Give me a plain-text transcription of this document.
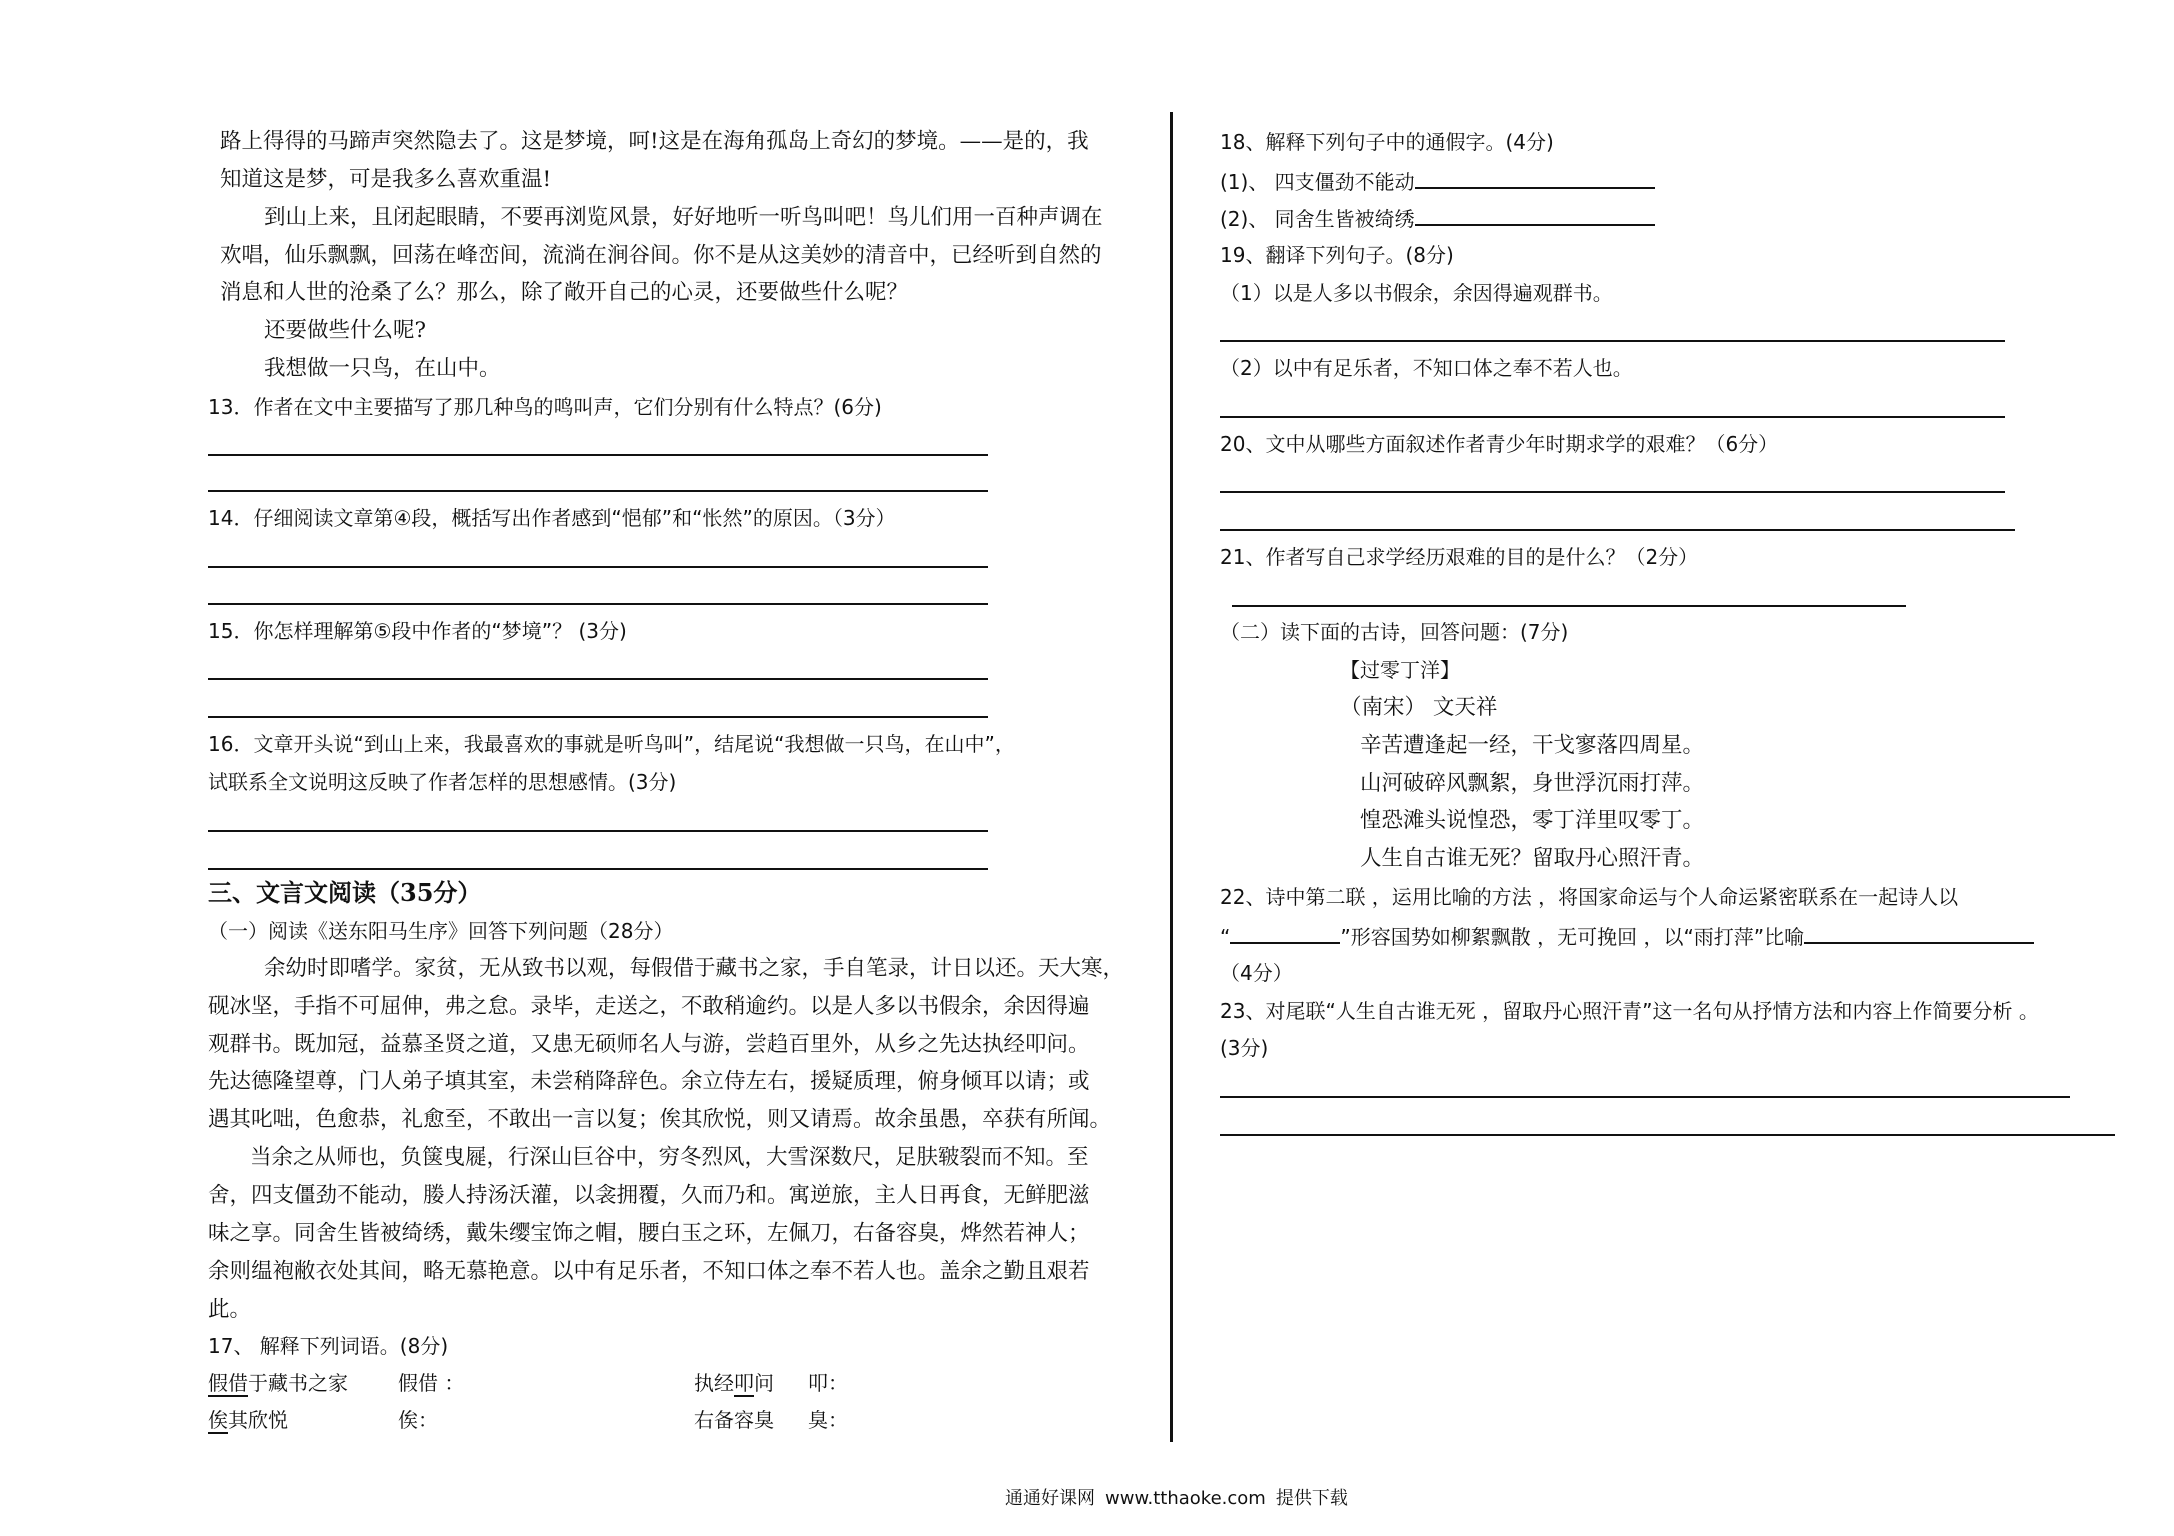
路上得得的马蹄声突然隐去了。这是梦境，呵!这是在海角孤岛上奇幻的梦境。——是的，我
知道这是梦，可是我多么喜欢重温!
到山上来，且闭起眼睛，不要再浏览风景，好好地听一听鸟叫吧！鸟儿们用一百种声调在
欢唱，仙乐飘飘，回荡在峰峦间，流淌在涧谷间。你不是从这美妙的清音中，已经听到自然的
消息和人世的沧桑了么？那么，除了敞开自己的心灵，还要做些什么呢？
还要做些什么呢?
我想做一只鸟，在山中。
13．作者在文中主要描写了那几种鸟的鸣叫声，它们分别有什么特点？(6分)
14．仔细阅读文章第④段，概括写出作者感到“悒郁”和“怅然”的原因。（3分）
15．你怎样理解第⑤段中作者的“梦境”？ (3分)
16．文章开头说“到山上来，我最喜欢的事就是听鸟叫”，结尾说“我想做一只鸟，在山中”，
试联系全文说明这反映了作者怎样的思想感情。(3分)
三、文言文阅读（35分）
（一）阅读《送东阳马生序》回答下列问题（28分）
余幼时即嗜学。家贫，无从致书以观，每假借于藏书之家，手自笔录，计日以还。天大寒，
砚冰坚，手指不可屈伸，弗之怠。录毕，走送之，不敢稍逾约。以是人多以书假余，余因得遍
观群书。既加冠，益慕圣贤之道，又患无硕师名人与游，尝趋百里外，从乡之先达执经叩问。
先达德隆望尊，门人弟子填其室，未尝稍降辞色。余立侍左右，援疑质理，俯身倾耳以请；或
遇其叱咄，色愈恭，礼愈至，不敢出一言以复；俟其欣悦，则又请焉。故余虽愚，卒获有所闻。
当余之从师也，负箧曳屣，行深山巨谷中，穷冬烈风，大雪深数尺，足肤皲裂而不知。至
舍，四支僵劲不能动，媵人持汤沃灌，以衾拥覆，久而乃和。寓逆旅，主人日再食，无鲜肥滋
味之享。同舍生皆被绮绣，戴朱缨宝饰之帽，腰白玉之环，左佩刀，右备容臭，烨然若神人；
余则缊袍敝衣处其间，略无慕艳意。以中有足乐者，不知口体之奉不若人也。盖余之勤且艰若
此。
17、 解释下列词语。(8分)
假借于藏书之家	假借 ：	执经叩问 叩：
俟其欣悦	俟：	右备容臭 臭：
18、解释下列句子中的通假字。(4分)
(1)、 四支僵劲不能动
(2)、 同舍生皆被绮绣
19、翻译下列句子。(8分)
（1）以是人多以书假余，余因得遍观群书。
（2）以中有足乐者，不知口体之奉不若人也。
20、文中从哪些方面叙述作者青少年时期求学的艰难？（6分）
21、作者写自己求学经历艰难的目的是什么？（2分）
（二）读下面的古诗，回答问题：(7分)
【过零丁洋】
（南宋） 文天祥
辛苦遭逢起一经，干戈寥落四周星。
山河破碎风飘絮，身世浮沉雨打萍。
惶恐滩头说惶恐，零丁洋里叹零丁。
人生自古谁无死？留取丹心照汗青。
22、诗中第二联 ，运用比喻的方法 ，将国家命运与个人命运紧密联系在一起诗人以
“	”形容国势如柳絮飘散 ，无可挽回 ，以“雨打萍”比喻
（4分）
23、对尾联“人生自古谁无死 ，留取丹心照汗青”这一名句从抒情方法和内容上作简要分析 。
(3分)
通通好课网 www.tthaoke.com 提供下载
